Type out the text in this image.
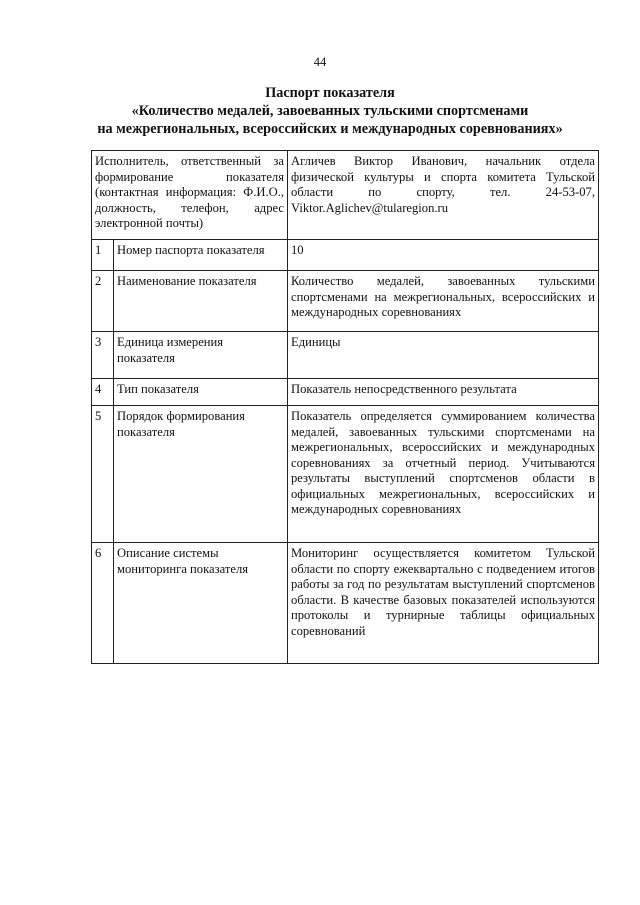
44
Паспорт показателя
«Количество медалей, завоеванных тульскими спортсменами
на межрегиональных, всероссийских и международных соревнованиях»
Исполнитель, ответственный за формирование показателя (контактная информация: Ф.И.О., должность, телефон, адрес электронной почты)		Агличев Виктор Иванович, начальник отдела физической культуры и спорта комитета Тульской области по спорту, тел. 24-53-07, Viktor.Aglichev@tularegion.ru
1	Номер паспорта показателя	10
2	Наименование показателя	Количество медалей, завоеванных тульскими спортсменами на межрегиональных, всероссийских и международных соревнованиях
3	Единица измерения показателя	Единицы
4	Тип показателя	Показатель непосредственного результата
5	Порядок формирования показателя	Показатель определяется суммированием количества медалей, завоеванных тульскими спортсменами на межрегиональных, всероссийских и международных соревнованиях за отчетный период. Учитываются результаты выступлений спортсменов области в официальных межрегиональных, всероссийских и международных соревнованиях
6	Описание системы мониторинга показателя	Мониторинг осуществляется комитетом Тульской области по спорту ежеквартально с подведением итогов работы за год по результатам выступлений спортсменов области. В качестве базовых показателей используются протоколы и турнирные таблицы официальных соревнований
